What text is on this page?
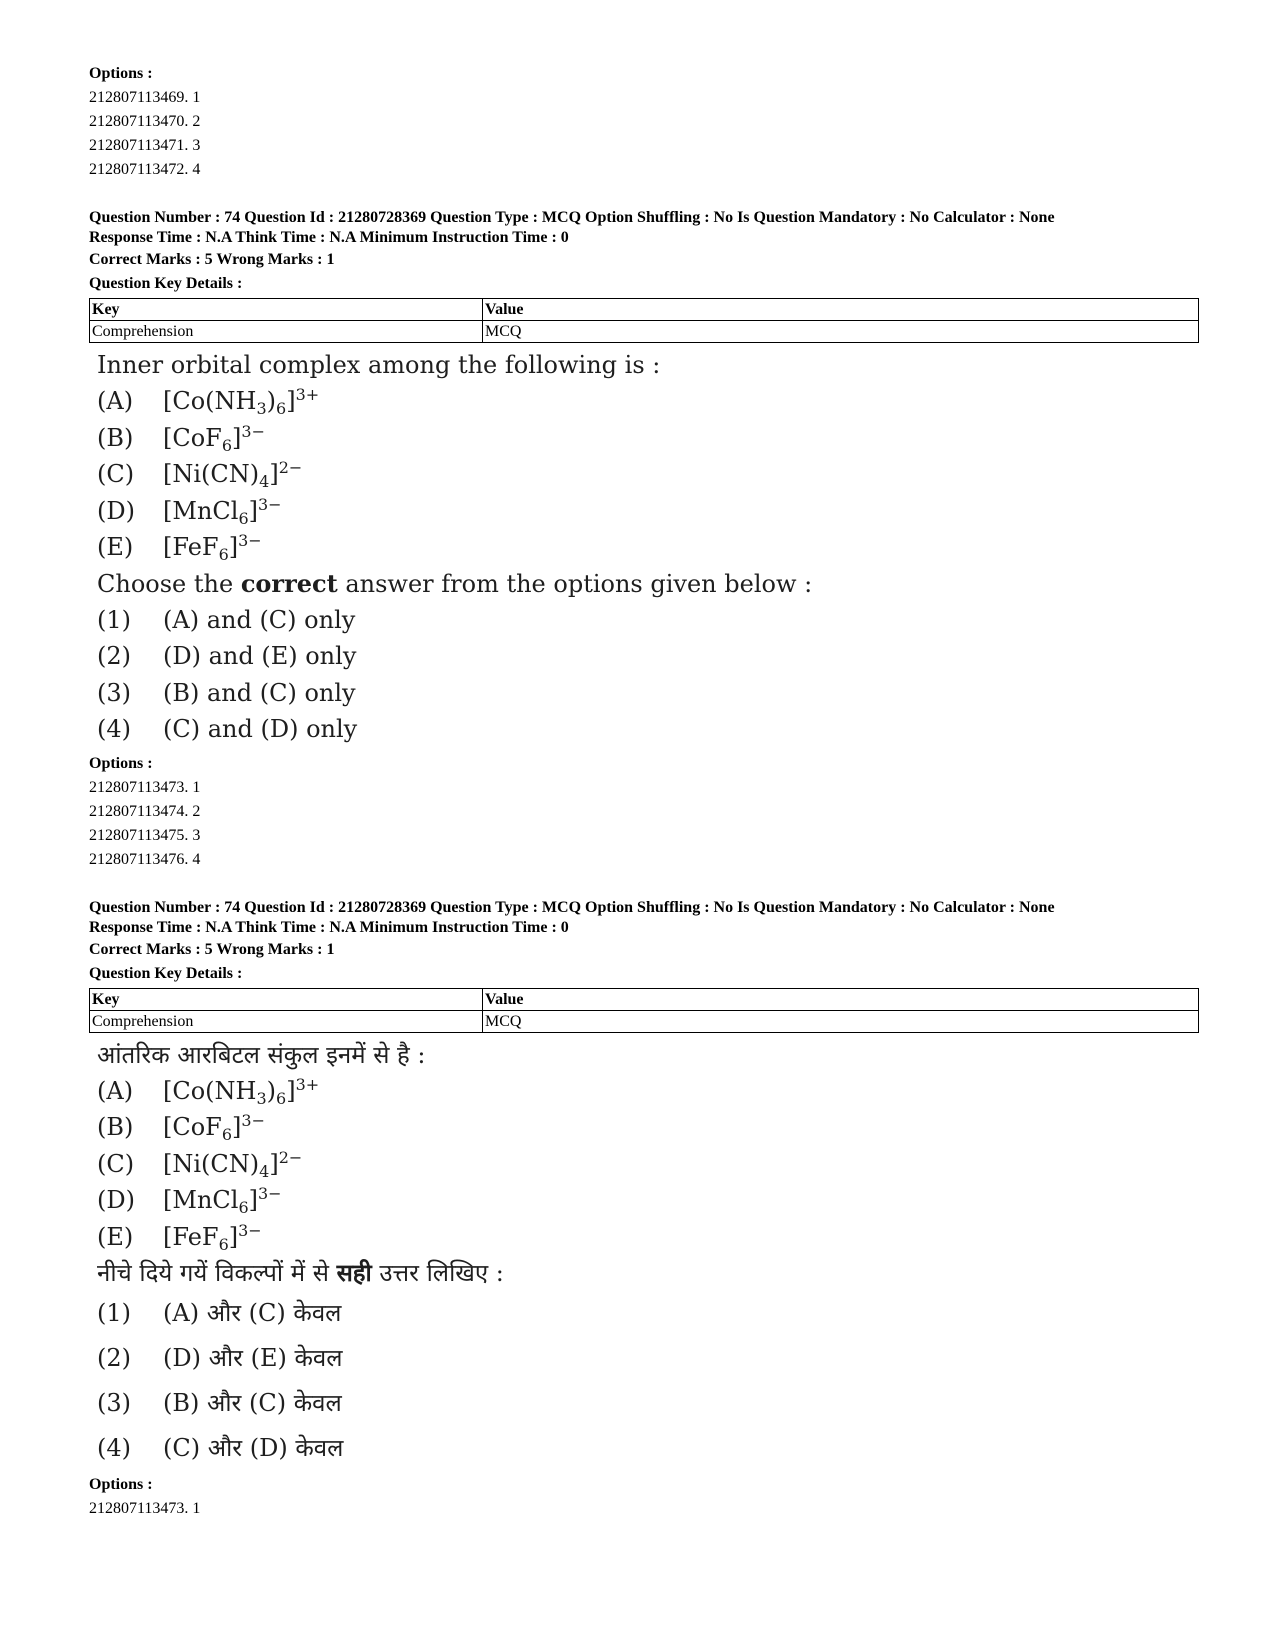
Options :
212807113469. 1
212807113470. 2
212807113471. 3
212807113472. 4
Question Number : 74 Question Id : 21280728369 Question Type : MCQ Option Shuffling : No Is Question Mandatory : No Calculator : None
Response Time : N.A Think Time : N.A Minimum Instruction Time : 0
Correct Marks : 5 Wrong Marks : 1
Question Key Details :
Key	Value
Comprehension	MCQ
Inner orbital complex among the following is :
(A)	$[Co(NH_3)_6]^{3+}$
(B)	$[CoF_6]^{3-}$
(C)	$[Ni(CN)_4]^{2-}$
(D)	[MnCl$_6$]$^{3-}$
(E)	$[FeF_6]^{3-}$
Choose the correct answer from the options given below :
(1)	(A) and (C) only
(2)	(D) and (E) only
(3)	(B) and (C) only
(4)	(C) and (D) only
Options :
212807113473. 1
212807113474. 2
212807113475. 3
212807113476. 4
Question Number : 74 Question Id : 21280728369 Question Type : MCQ Option Shuffling : No Is Question Mandatory : No Calculator : None
Response Time : N.A Think Time : N.A Minimum Instruction Time : 0
Correct Marks : 5 Wrong Marks : 1
Question Key Details :
Key	Value
Comprehension	MCQ
आंतरिक आरबिटल संकुल इनमें से है :
(A)	$[Co(NH_3)_6]^{3+}$
(B)	$[CoF_6]^{3-}$
(C)	$[Ni(CN)_4]^{2-}$
(D)	[MnCl$_6$]$^{3-}$
(E)	$[FeF_6]^{3-}$
नीचे दिये गयें विकल्पों में से सही उत्तर लिखिए :
(1)	(A) और (C) केवल
(2)	(D) और (E) केवल
(3)	(B) और (C) केवल
(4)	(C) और (D) केवल
Options :
212807113473. 1
